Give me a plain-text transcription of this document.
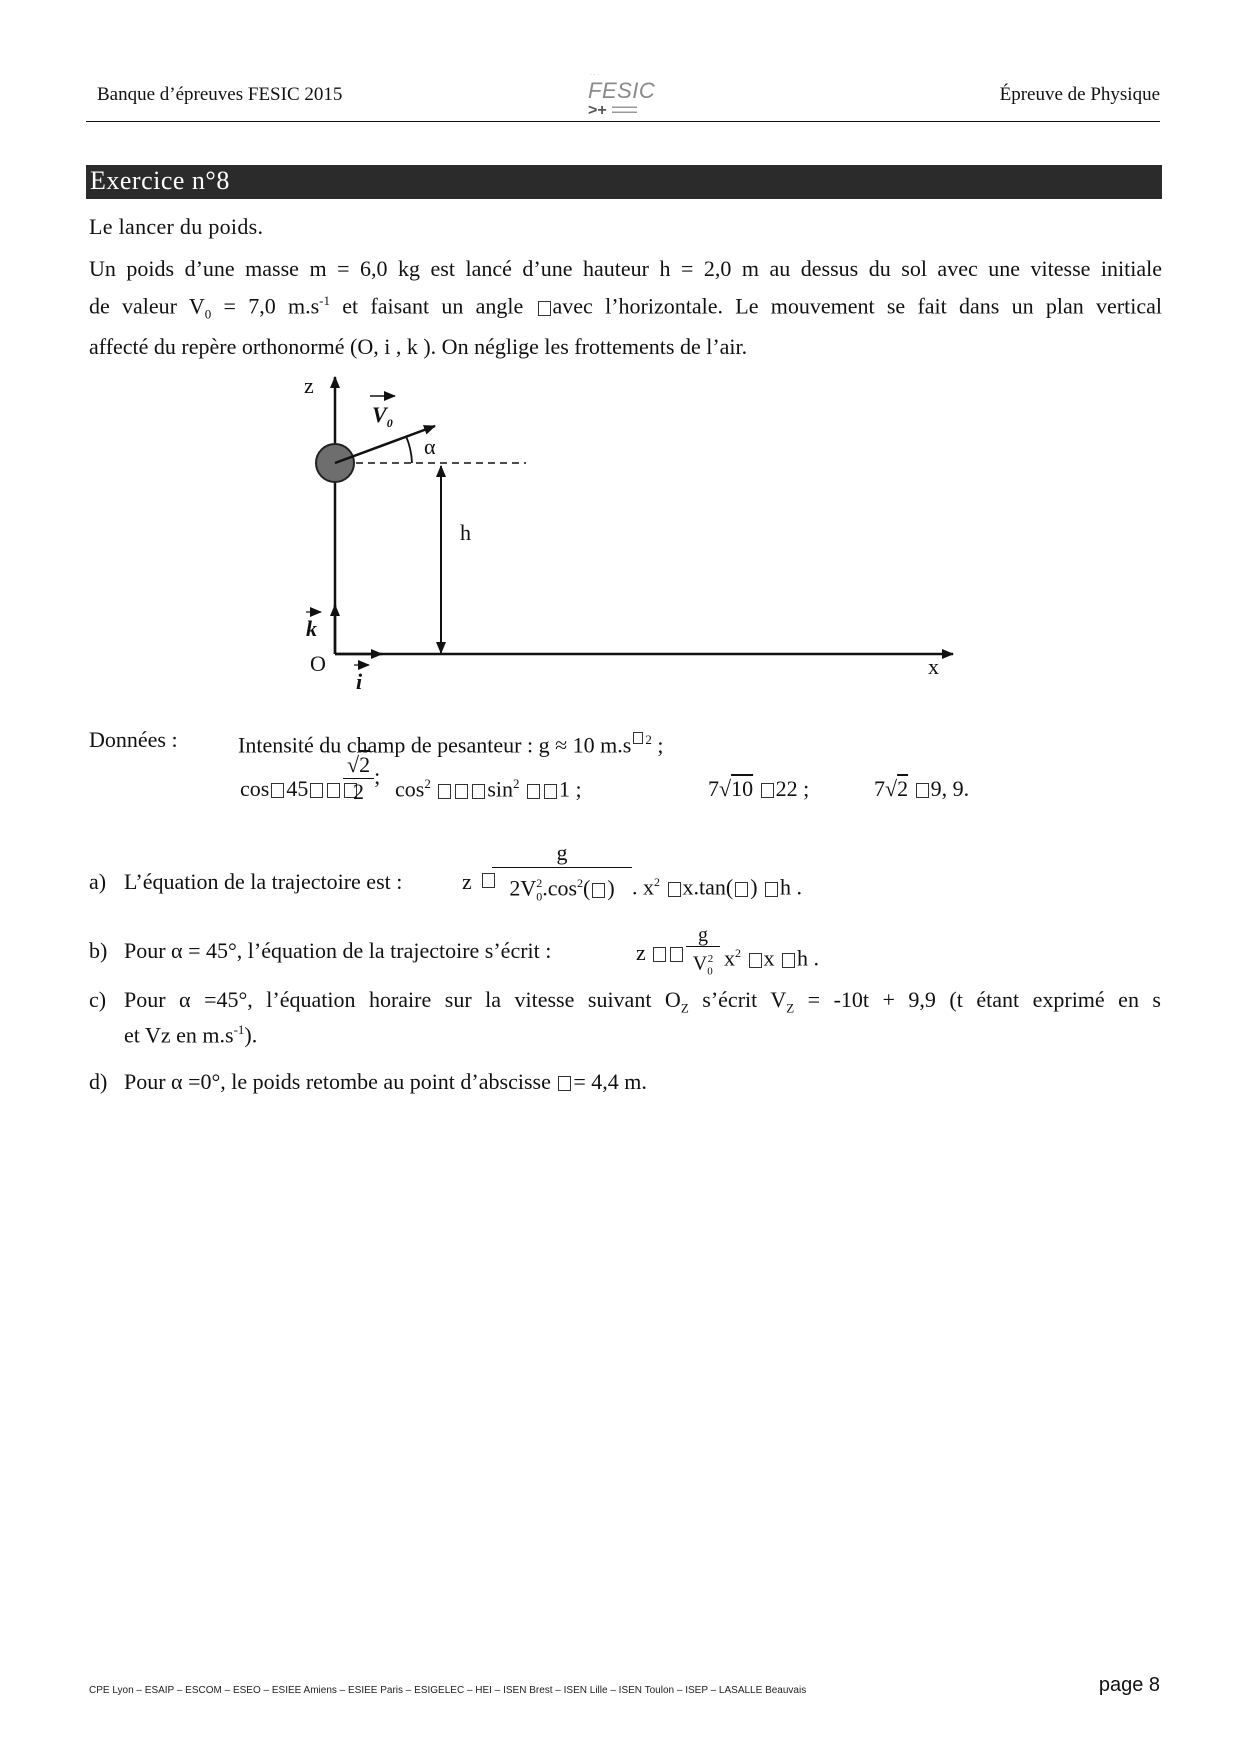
Banque d’épreuves FESIC 2015
· · ·
FESIC
>+ ▬▬▬▬▬
▬▬▬▬▬
Épreuve de Physique
Exercice n°8
Le lancer du poids.
Un poids d’une masse m = 6,0 kg est lancé d’une hauteur h = 2,0 m au dessus du sol avec une vitesse initiale
de valeur $V_0 = 7,0$ $m.s^{-1}$ et faisant un angle avec l’horizontale. Le mouvement se fait dans un plan vertical
affecté du repère orthonormé (O, i , k ). On néglige les frottements de l’air.
z
$V_0$
α
h
k
O
i
x
Données :	Intensité du champ de pesanteur : g ≈ 10 m.s $^2$ ;
cos 45	$\frac{√2}{2}$ ;
$\cos^2$	$\sin^2 1$ ;	7√10 22 ;	7√2 9, 9.
a) L’équation de la trajectoire est :	z $\frac{g}{2V_0^2.\cos^2( )}$ . $x^2$ x.tan( ) h .
b) Pour α = 45°, l’équation de la trajectoire s’écrit :	z	$\frac{g}{V_0^2} x^2$ x h .
c) Pour α =45°, l’équation horaire sur la vitesse suivant $O_Z$ s’écrit $V_Z = -10t + 9,9$ (t étant exprimé en s
et Vz en $m.s^{-1}$).
d) Pour α =0°, le poids retombe au point d’abscisse = 4,4 m.
CPE Lyon – ESAIP – ESCOM – ESEO – ESIEE Amiens – ESIEE Paris – ESIGELEC – HEI – ISEN Brest – ISEN Lille – ISEN Toulon – ISEP – LASALLE Beauvais	page 8
